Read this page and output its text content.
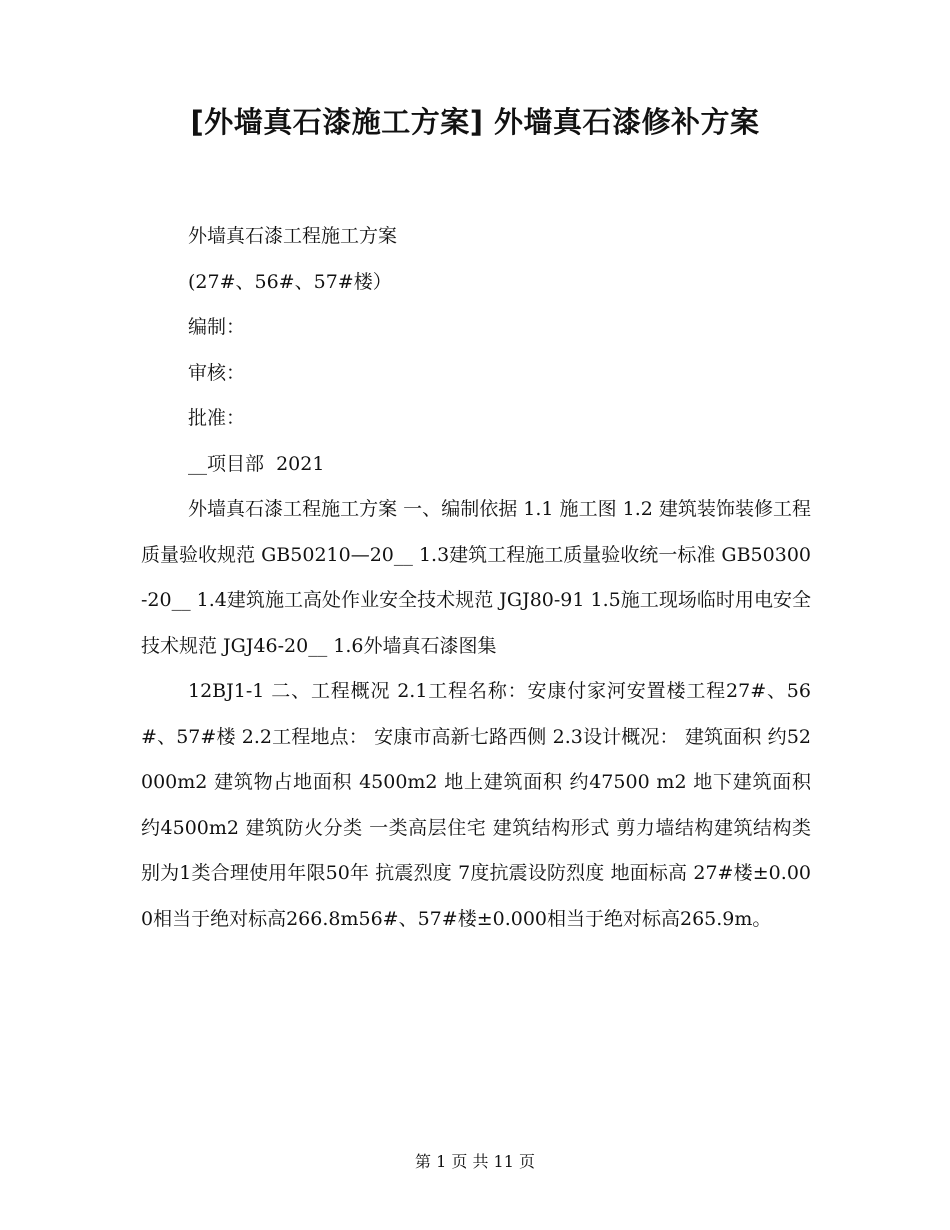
[外墙真石漆施工方案] 外墙真石漆修补方案
外墙真石漆工程施工方案
(27#、56#、57#楼）
编制：
审核：
批准：
__项目部  2021

外墙真石漆工程施工方案 一、编制依据 1.1 施工图 1.2 建筑装饰装修工程质量验收规范 GB50210—20__ 1.3建筑工程施工质量验收统一标准 GB50300-20__ 1.4建筑施工高处作业安全技术规范 JGJ80-91 1.5施工现场临时用电安全技术规范 JGJ46-20__ 1.6外墙真石漆图集

12BJ1-1 二、工程概况 2.1工程名称：安康付家河安置楼工程27#、56#、57#楼 2.2工程地点： 安康市高新七路西侧 2.3设计概况： 建筑面积 约52000m2 建筑物占地面积 4500m2 地上建筑面积 约47500 m2 地下建筑面积 约4500m2 建筑防火分类 一类高层住宅 建筑结构形式 剪力墙结构建筑结构类别为1类合理使用年限50年 抗震烈度 7度抗震设防烈度 地面标高 27#楼±0.000相当于绝对标高266.8m56#、57#楼±0.000相当于绝对标高265.9m。

第 1 页 共 11 页
